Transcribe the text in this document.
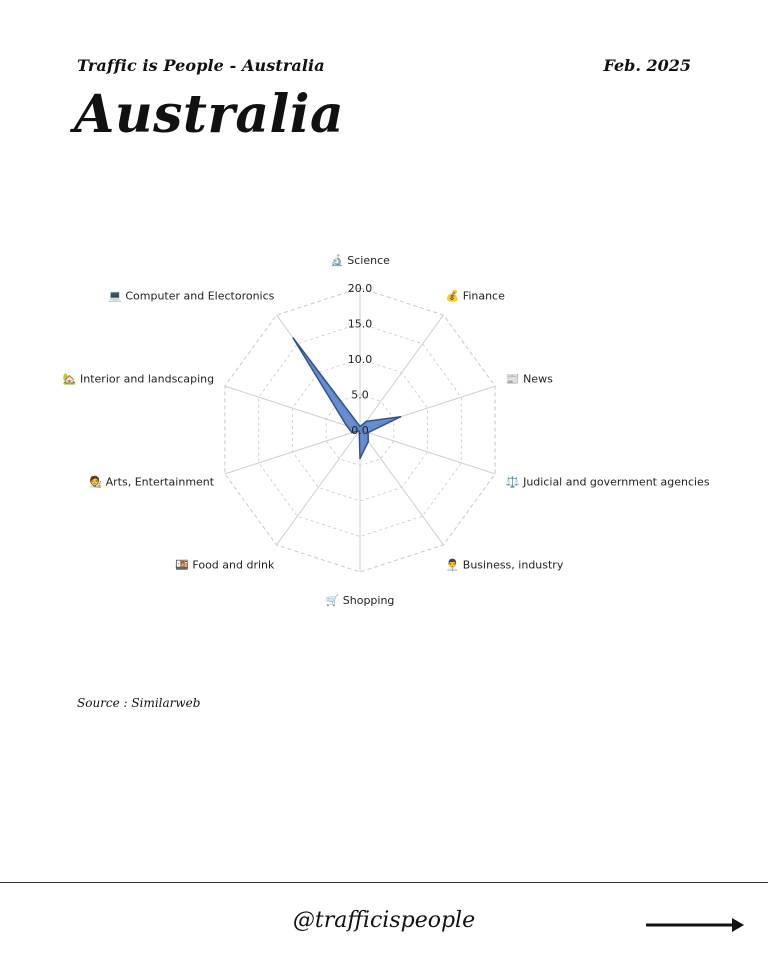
Traffic is People - Australia	Feb. 2025
Australia
0.0
5.0
10.0
15.0
20.0
🔬 Science
💰 Finance
📰 News
⚖️ Judicial and government agencies
👨‍💼 Business, industry
🛒 Shopping
🍱 Food and drink
🧑‍🎨 Arts, Entertainment
🏡 Interior and landscaping
💻 Computer and Electoronics
Source : Similarweb
@trafficispeople
